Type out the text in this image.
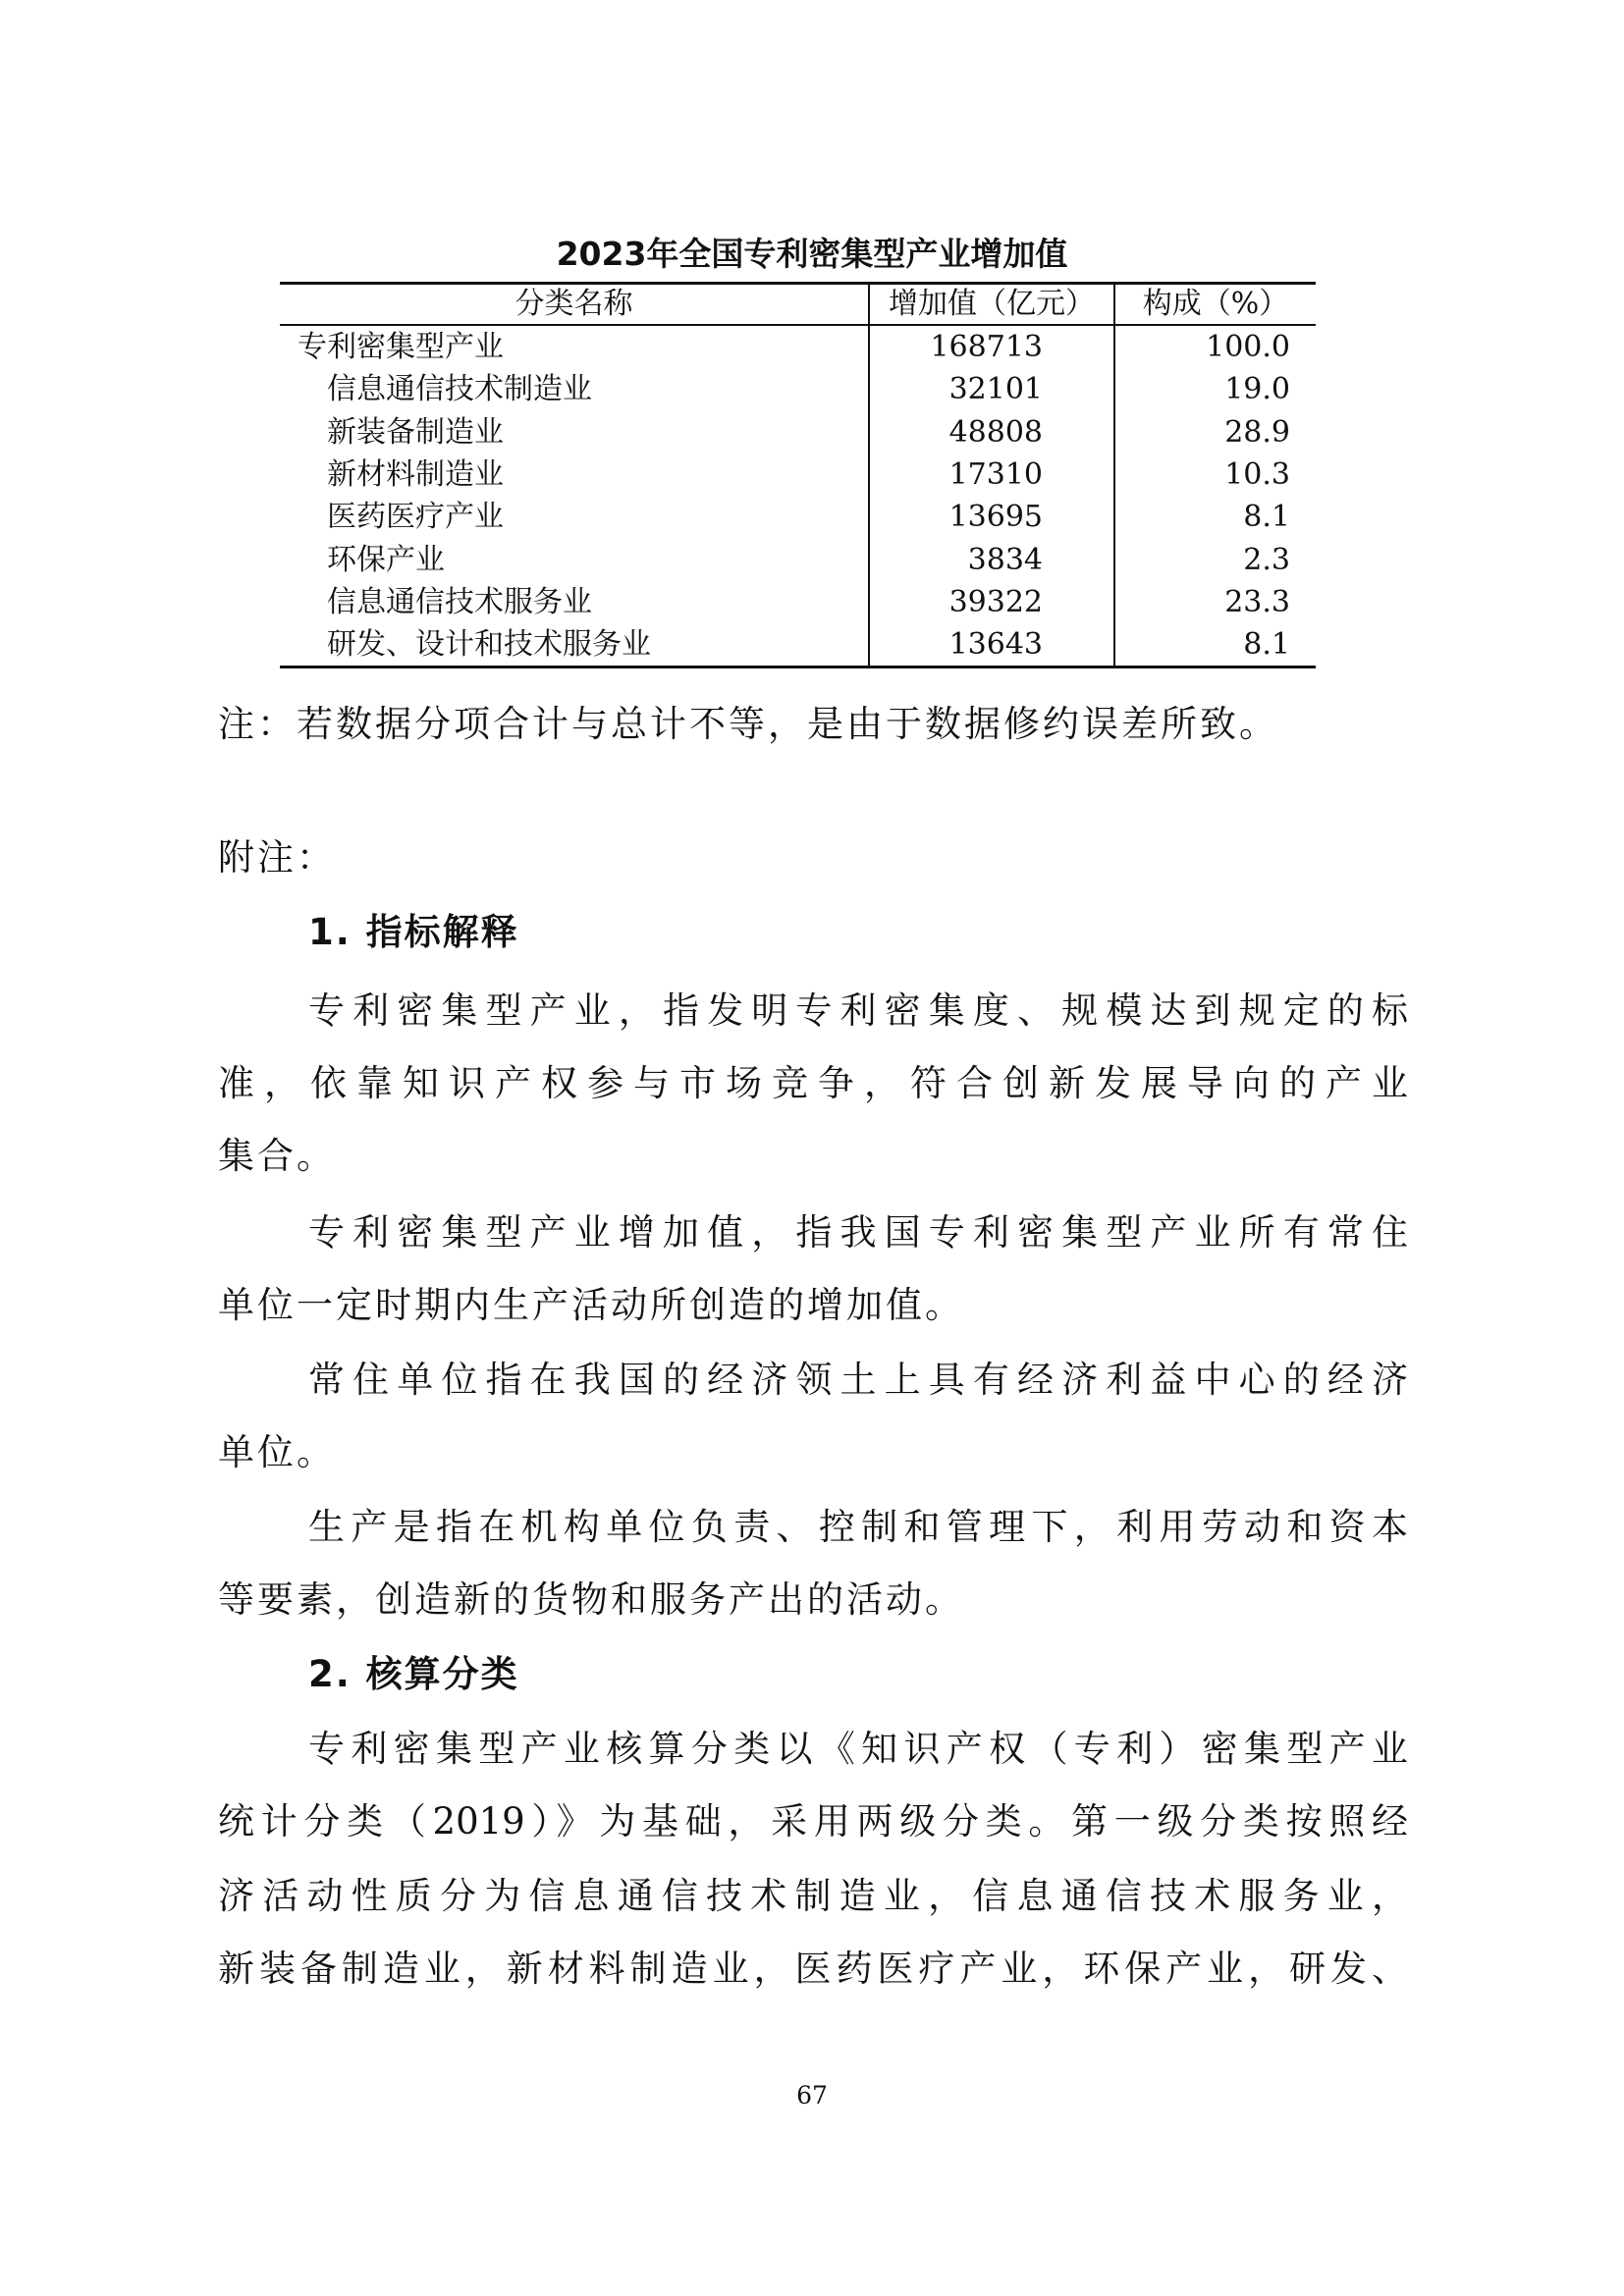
2023年全国专利密集型产业增加值
分类名称	增加值（亿元）	构成（%）
专利密集型产业	168713	100.0
信息通信技术制造业	32101	19.0
新装备制造业	48808	28.9
新材料制造业	17310	10.3
医药医疗产业	13695	8.1
环保产业	3834	2.3
信息通信技术服务业	39322	23.3
研发、设计和技术服务业	13643	8.1

注：若数据分项合计与总计不等，是由于数据修约误差所致。

附注：

1. 指标解释

专利密集型产业，指发明专利密集度、规模达到规定的标

准，依靠知识产权参与市场竞争，符合创新发展导向的产业

集合。

专利密集型产业增加值，指我国专利密集型产业所有常住

单位一定时期内生产活动所创造的增加值。

常住单位指在我国的经济领土上具有经济利益中心的经济

单位。

生产是指在机构单位负责、控制和管理下，利用劳动和资本

等要素，创造新的货物和服务产出的活动。

2. 核算分类

专利密集型产业核算分类以《知识产权（专利）密集型产业

统计分类（2019）》为基础，采用两级分类。第一级分类按照经

济活动性质分为信息通信技术制造业，信息通信技术服务业，

新装备制造业，新材料制造业，医药医疗产业，环保产业，研发、

67
